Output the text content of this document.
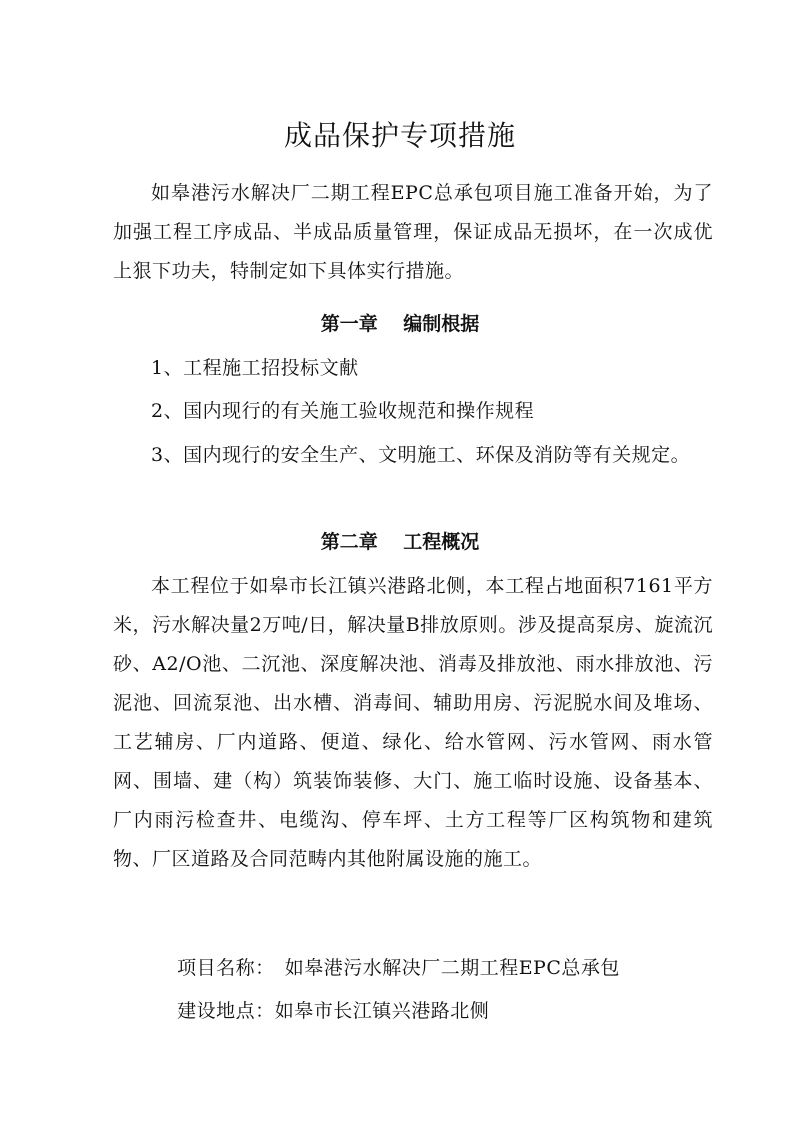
成品保护专项措施

如皋港污水解决厂二期工程EPC总承包项目施工准备开始，为了加强工程工序成品、半成品质量管理，保证成品无损坏，在一次成优上狠下功夫，特制定如下具体实行措施。

第一章　 编制根据

1、工程施工招投标文献

2、国内现行的有关施工验收规范和操作规程

3、国内现行的安全生产、文明施工、环保及消防等有关规定。

第二章　 工程概况

本工程位于如皋市长江镇兴港路北侧，本工程占地面积7161平方米，污水解决量2万吨/日，解决量B排放原则。涉及提高泵房、旋流沉砂、A2/O池、二沉池、深度解决池、消毒及排放池、雨水排放池、污泥池、回流泵池、出水槽、消毒间、辅助用房、污泥脱水间及堆场、工艺辅房、厂内道路、便道、绿化、给水管网、污水管网、雨水管网、围墙、建（构）筑装饰装修、大门、施工临时设施、设备基本、厂内雨污检查井、电缆沟、停车坪、土方工程等厂区构筑物和建筑物、厂区道路及合同范畴内其他附属设施的施工。

项目名称： 如皋港污水解决厂二期工程EPC总承包

建设地点：如皋市长江镇兴港路北侧
